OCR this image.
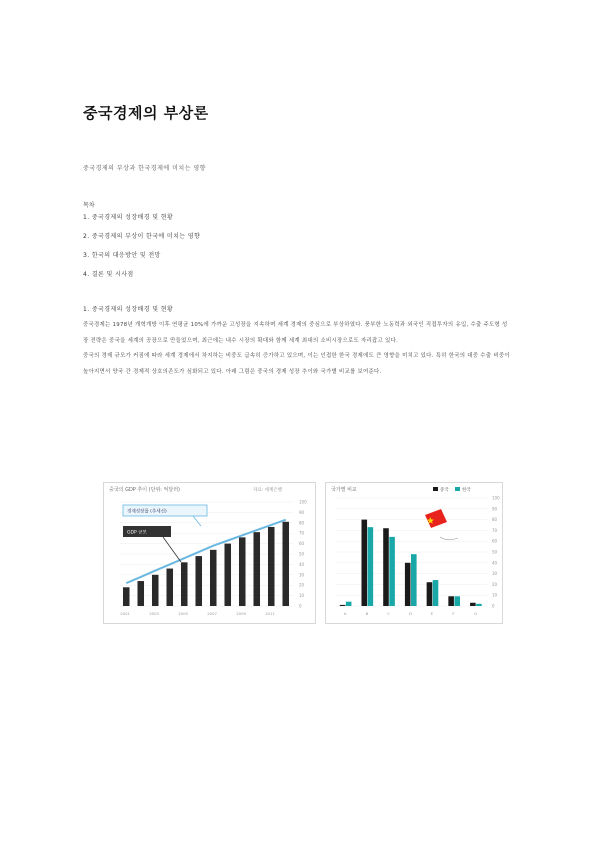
중국경제의 부상론
중국경제의 부상과 한국경제에 미치는 영향
목차
1. 중국경제의 성장배경 및 현황
2. 중국경제의 부상이 한국에 미치는 영향
3. 한국의 대응방안 및 전망
4. 결론 및 시사점
1. 중국경제의 성장배경 및 현황

중국경제는 1978년 개혁개방 이후 연평균 10%에 가까운 고성장을 지속하며 세계 경제의 중심으로 부상하였다. 풍부한 노동력과 외국인 직접투자의 유입, 수출 주도형 성장 전략은 중국을 세계의 공장으로 만들었으며, 최근에는 내수 시장의 확대와 함께 세계 최대의 소비시장으로도 자리잡고 있다.

중국의 경제 규모가 커짐에 따라 세계 경제에서 차지하는 비중도 급속히 증가하고 있으며, 이는 인접한 한국 경제에도 큰 영향을 미치고 있다. 특히 한국의 대중 수출 비중이 높아지면서 양국 간 경제적 상호의존도가 심화되고 있다. 아래 그림은 중국의 경제 성장 추이와 국가별 비교를 보여준다.

중국의 GDP 추이 (단위: 억달러)	자료: 세계은행
0
10
20
30
40
50
60
70
80
90
100
2001	2003	2005	2007	2009	2011
경제성장률 (추세선)
GDP 규모
국가별 비교	중국	한국
0
10
20
30
40
50
60
70
80
90
100
A	B	C	D	E	F	G
